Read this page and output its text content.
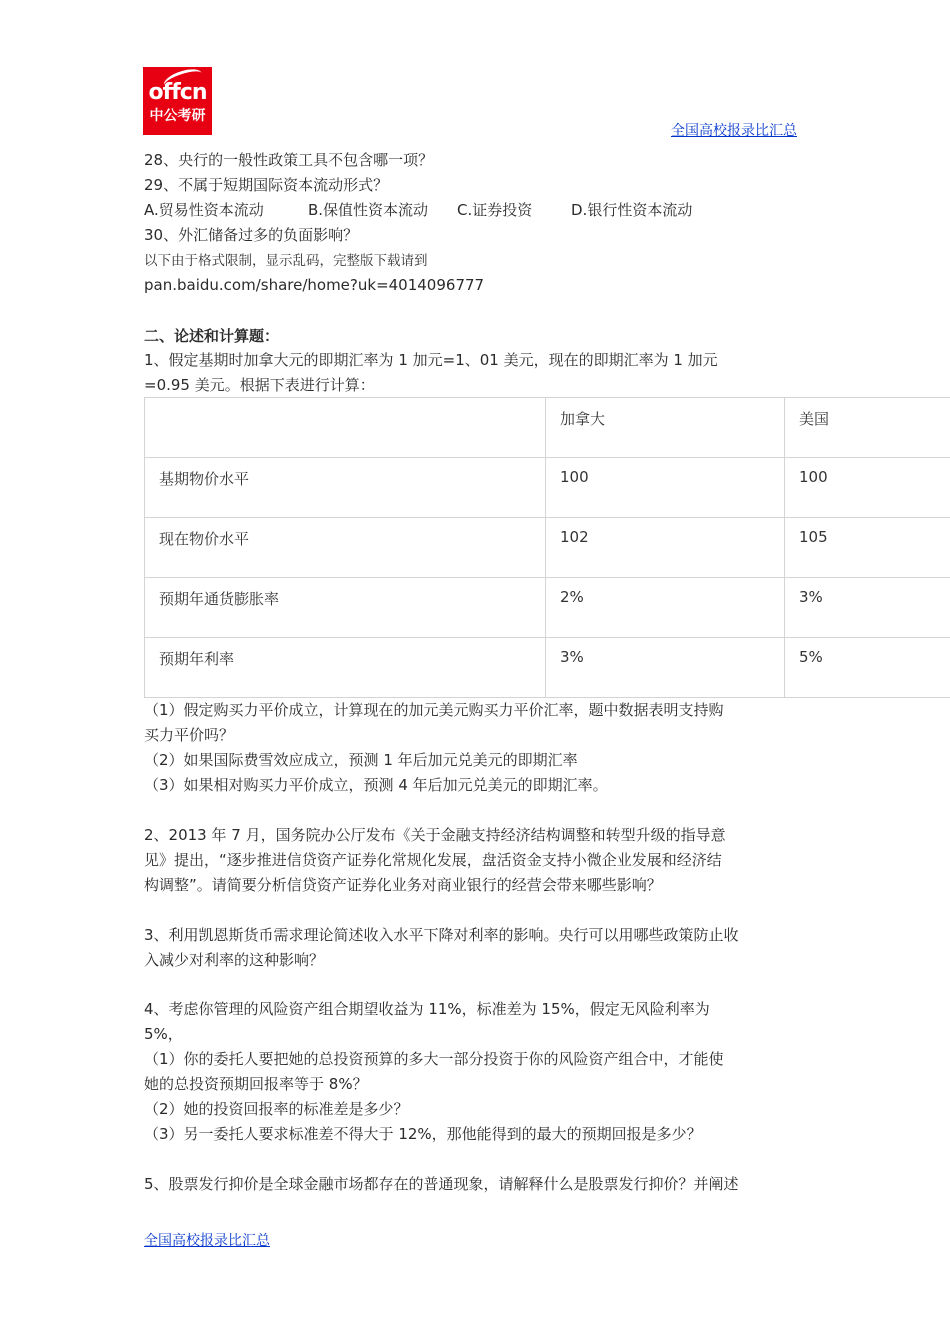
offcn
中公考研
全国高校报录比汇总
28、央行的一般性政策工具不包含哪一项？
29、不属于短期国际资本流动形式？
A.贸易性资本流动	B.保值性资本流动 C.证券投资	D.银行性资本流动
30、外汇储备过多的负面影响？
以下由于格式限制，显示乱码，完整版下载请到
pan.baidu.com/share/home?uk=4014096777
二、论述和计算题：
1、假定基期时加拿大元的即期汇率为 1 加元=1、01 美元，现在的即期汇率为 1 加元
=0.95 美元。根据下表进行计算：
	加拿大	美国
基期物价水平	100	100
现在物价水平	102	105
预期年通货膨胀率	2%	3%
预期年利率	3%	5%
（1）假定购买力平价成立，计算现在的加元美元购买力平价汇率，题中数据表明支持购
买力平价吗？
（2）如果国际费雪效应成立，预测 1 年后加元兑美元的即期汇率
（3）如果相对购买力平价成立，预测 4 年后加元兑美元的即期汇率。
2、2013 年 7 月，国务院办公厅发布《关于金融支持经济结构调整和转型升级的指导意
见》提出，“逐步推进信贷资产证券化常规化发展，盘活资金支持小微企业发展和经济结
构调整”。请简要分析信贷资产证券化业务对商业银行的经营会带来哪些影响？
3、利用凯恩斯货币需求理论简述收入水平下降对利率的影响。央行可以用哪些政策防止收
入减少对利率的这种影响？
4、考虑你管理的风险资产组合期望收益为 11%，标准差为 15%，假定无风险利率为
5%，
（1）你的委托人要把她的总投资预算的多大一部分投资于你的风险资产组合中，才能使
她的总投资预期回报率等于 8%？
（2）她的投资回报率的标准差是多少？
（3）另一委托人要求标准差不得大于 12%，那他能得到的最大的预期回报是多少？
5、股票发行抑价是全球金融市场都存在的普通现象，请解释什么是股票发行抑价？并阐述
全国高校报录比汇总
